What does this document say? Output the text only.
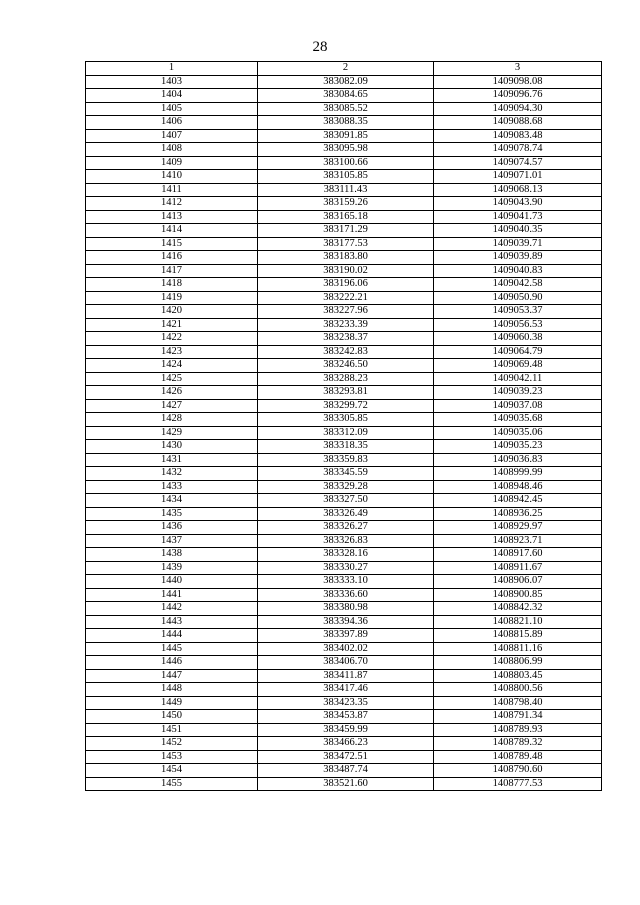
28
1	2	3
1403	383082.09	1409098.08
1404	383084.65	1409096.76
1405	383085.52	1409094.30
1406	383088.35	1409088.68
1407	383091.85	1409083.48
1408	383095.98	1409078.74
1409	383100.66	1409074.57
1410	383105.85	1409071.01
1411	383111.43	1409068.13
1412	383159.26	1409043.90
1413	383165.18	1409041.73
1414	383171.29	1409040.35
1415	383177.53	1409039.71
1416	383183.80	1409039.89
1417	383190.02	1409040.83
1418	383196.06	1409042.58
1419	383222.21	1409050.90
1420	383227.96	1409053.37
1421	383233.39	1409056.53
1422	383238.37	1409060.38
1423	383242.83	1409064.79
1424	383246.50	1409069.48
1425	383288.23	1409042.11
1426	383293.81	1409039.23
1427	383299.72	1409037.08
1428	383305.85	1409035.68
1429	383312.09	1409035.06
1430	383318.35	1409035.23
1431	383359.83	1409036.83
1432	383345.59	1408999.99
1433	383329.28	1408948.46
1434	383327.50	1408942.45
1435	383326.49	1408936.25
1436	383326.27	1408929.97
1437	383326.83	1408923.71
1438	383328.16	1408917.60
1439	383330.27	1408911.67
1440	383333.10	1408906.07
1441	383336.60	1408900.85
1442	383380.98	1408842.32
1443	383394.36	1408821.10
1444	383397.89	1408815.89
1445	383402.02	1408811.16
1446	383406.70	1408806.99
1447	383411.87	1408803.45
1448	383417.46	1408800.56
1449	383423.35	1408798.40
1450	383453.87	1408791.34
1451	383459.99	1408789.93
1452	383466.23	1408789.32
1453	383472.51	1408789.48
1454	383487.74	1408790.60
1455	383521.60	1408777.53
